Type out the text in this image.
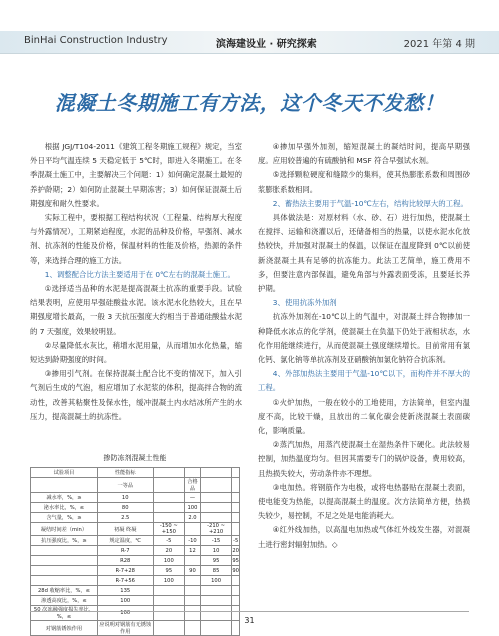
BinHai Construction Industry	滨海建设业 · 研究探索	2021 年第 4 期
混凝土冬期施工有方法，这个冬天不发愁！

根据 JGJ/T104-2011《建筑工程冬期施工规程》规定，当室外日平均气温连续 5 天稳定低于 5℃时，即进入冬期施工。在冬季混凝土施工中，主要解决三个问题：1）如何确定混凝土最短的养护龄期；2）如何防止混凝土早期冻害；3）如何保证混凝土后期强度和耐久性要求。

实际工程中，要根据工程结构状况（工程量、结构厚大程度与外露情况），工期紧迫程度，水泥的品种及价格，早强剂、减水剂、抗冻剂的性能及价格，保温材料的性能及价格，热源的条件等，来选择合理的施工方法。

1、调整配合比方法主要适用于在 0℃左右的混凝土施工。

①选择适当品种的水泥是提高混凝土抗冻的重要手段。试验结果表明，应使用早强硅酸盐水泥。该水泥水化热较大，且在早期强度增长最高，一般 3 天抗压强度大约相当于普通硅酸盐水泥的 7 天强度，效果较明显。

②尽量降低水灰比，稍增水泥用量，从而增加水化热量，缩短达到龄期强度的时间。

③掺用引气剂。在保持混凝土配合比不变的情况下，加入引气剂后生成的气泡，相应增加了水泥浆的体积，提高拌合物的流动性，改善其粘聚性及保水性，缓冲混凝土内水结冰所产生的水压力，提高混凝土的抗冻性。

掺防冻剂混凝土性能
试验项目	性能指标				
	一等品		合格品		
减水率，%，≥	10		—		
泌水率比，%，≤	80		100		
含气量，%，≥	2.5		2.0		
凝结时间差（min）	初凝 终凝	-150 ~ +150		-210 ~ +210	
抗压强度比，%，≥	规定温度，℃	-5	-10	-15	-5
	R-7	20	12	10	20
	R28	100		95	95
	R-7+28	95	90	85	90
	R-7+56	100		100	
28d 收缩率比，%，≤	135				
渗透高度比，%，≤	100				
50 次冻融强度损失率比，%，≤	100				
对钢筋锈蚀作用	应说明对钢筋有无锈蚀作用				

④掺加早强外加剂，缩短混凝土的凝结时间，提高早期强度。应用较普遍的有硫酸钠和 MSF 符合早强试水剂。

⑤选择颗粒硬度和缝隙少的集料，使其热膨胀系数和周围砂浆膨胀系数相同。

2、蓄热法主要用于气温-10℃左右，结构比较厚大的工程。

具体做法是：对原材料（水、砂、石）进行加热，使混凝土在搅拌、运输和浇灌以后，还储备相当的热量，以使水泥水化放热较快，并加强对混凝土的保温，以保证在温度降到 0℃以前使新浇混凝土具有足够的抗冻能力。此法工艺简单，施工费用不多，但要注意内部保温，避免角部与外露表面受冻，且要延长养护期。

3、使用抗冻外加剂

抗冻外加剂在-10℃以上的气温中，对混凝土拌合物掺加一种降低水冰点的化学剂，使混凝土在负温下仍处于液相状态，水化作用能继续进行，从而使混凝土强度继续增长。目前常用有氯化钙、氯化钠等单抗冻剂及亚硝酸钠加氯化钠符合抗冻剂。

4、外部加热法主要用于气温-10℃以下，而构件并不厚大的工程。

①火炉加热，一般在较小的工地使用，方法简单，但室内温度不高，比较干燥，且放出的二氧化碳会使新浇混凝土表面碳化，影响质量。

②蒸汽加热，用蒸汽使混凝土在湿热条件下硬化。此法较易控制，加热温度均匀。但因其需要专门的锅炉设备，费用较高，且热损失较大，劳动条件亦不理想。

③电加热。将钢筋作为电极，或将电热器贴在混凝土表面，使电能变为热能，以提高混凝土的温度。次方法简单方便，热损失较少，易控制，不足之处是电能消耗大。

④红外线加热，以高温电加热或气体红外线发生器，对混凝土进行密封辐射加热。◇

31
